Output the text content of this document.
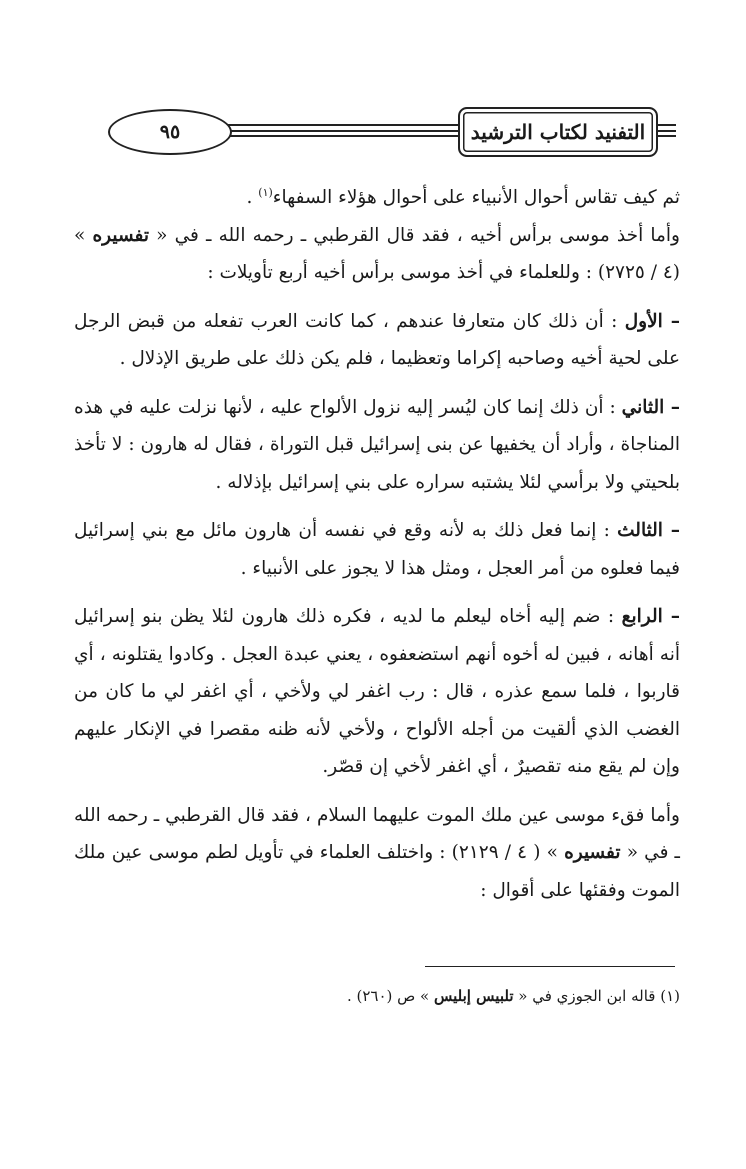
٩٥	التفنيد لكتاب الترشيد

ثم كيف تقاس أحوال الأنبياء على أحوال هؤلاء السفهاء$^{(١)}$ .

وأما أخذ موسى برأس أخيه ، فقد قال القرطبي ـ رحمه الله ـ في « تفسيره » (٤ / ٢٧٢٥) : وللعلماء في أخذ موسى برأس أخيه أربع تأويلات :

– الأول : أن ذلك كان متعارفا عندهم ، كما كانت العرب تفعله من قبض الرجل على لحية أخيه وصاحبه إكراما وتعظيما ، فلم يكن ذلك على طريق الإذلال .

– الثاني : أن ذلك إنما كان ليُسر إليه نزول الألواح عليه ، لأنها نزلت عليه في هذه المناجاة ، وأراد أن يخفيها عن بنى إسرائيل قبل التوراة ، فقال له هارون : لا تأخذ بلحيتي ولا برأسي لئلا يشتبه سراره على بني إسرائيل بإذلاله .

– الثالث : إنما فعل ذلك به لأنه وقع في نفسه أن هارون مائل مع بني إسرائيل فيما فعلوه من أمر العجل ، ومثل هذا لا يجوز على الأنبياء .

– الرابع : ضم إليه أخاه ليعلم ما لديه ، فكره ذلك هارون لئلا يظن بنو إسرائيل أنه أهانه ، فبين له أخوه أنهم استضعفوه ، يعني عبدة العجل . وكادوا يقتلونه ، أي قاربوا ، فلما سمع عذره ، قال : رب اغفر لي ولأخي ، أي اغفر لي ما كان من الغضب الذي ألقيت من أجله الألواح ، ولأخي لأنه ظنه مقصرا في الإنكار عليهم وإن لم يقع منه تقصيرٌ ، أي اغفر لأخي إن قصّر.

وأما فقء موسى عين ملك الموت عليهما السلام ، فقد قال القرطبي ـ رحمه الله ـ في « تفسيره » ( ٤ / ٢١٢٩) : واختلف العلماء في تأويل لطم موسى عين ملك الموت وفقئها على أقوال :

(١) قاله ابن الجوزي في « تلبيس إبليس » ص (٢٦٠) .
